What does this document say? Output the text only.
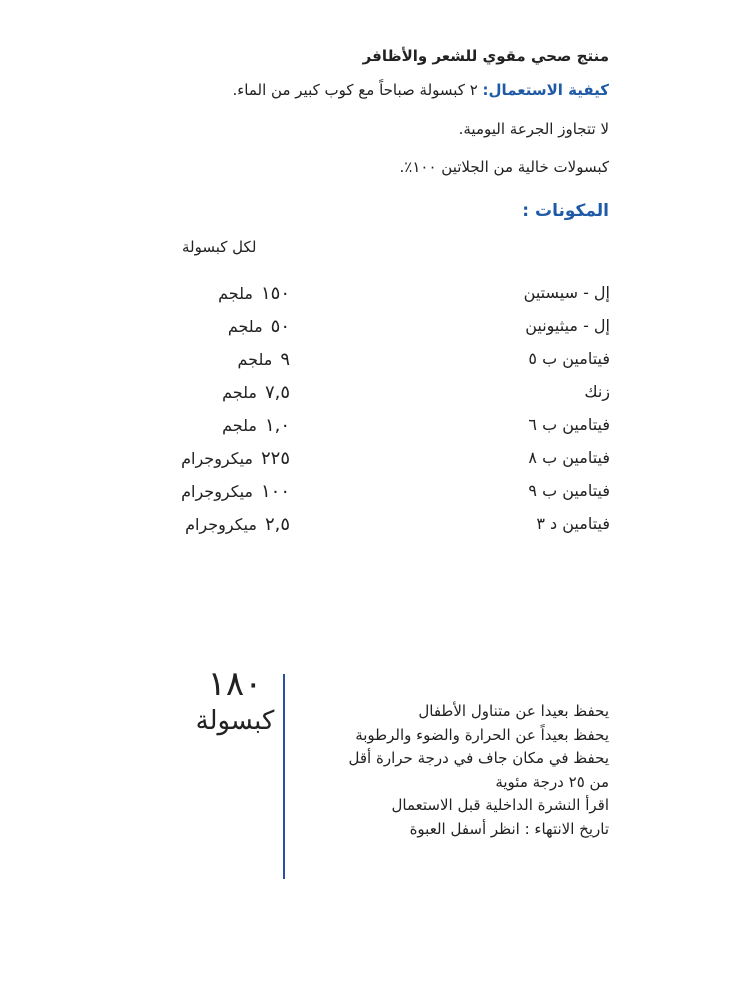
منتج صحي مقوي للشعر والأظافر
كيفية الاستعمال: ٢ كبسولة صباحاً مع كوب كبير من الماء.
لا تتجاوز الجرعة اليومية.
كبسولات خالية من الجلاتين ١٠٠٪.
المكونات :
لكل كبسولة
إل - سيستين
١٥٠ملجم
إل - ميثيونين
٥٠ملجم
فيتامين ب ٥
٩ملجم
زنك
٧,٥ملجم
فيتامين ب ٦
١,٠ملجم
فيتامين ب ٨
٢٢٥ميكروجرام
فيتامين ب ٩
١٠٠ميكروجرام
فيتامين د ٣
٢,٥ميكروجرام
١٨٠
كبسولة	يحفظ بعيدا عن متناول الأطفال
يحفظ بعيداً عن الحرارة والضوء والرطوبة
يحفظ في مكان جاف في درجة حرارة أقل
من ٢٥ درجة مئوية
اقرأ النشرة الداخلية قبل الاستعمال
تاريخ الانتهاء : انظر أسفل العبوة
